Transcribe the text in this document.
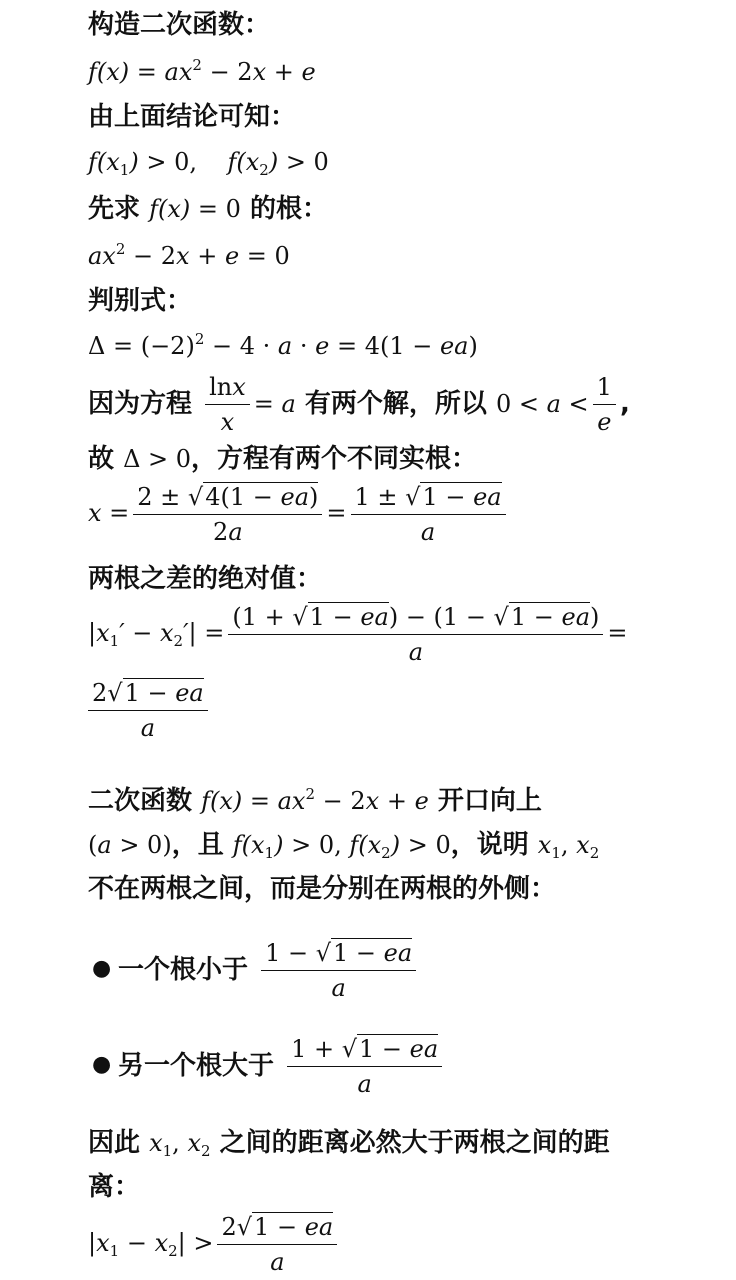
构造二次函数：
$f(x) = ax^2 - 2x + e$
由上面结论可知：
$f(x_1) > 0$,    $f(x_2) > 0$
先求 f(x) = 0 的根：
$ax^2 - 2x + e = 0$
判别式：
$\Delta = (-2)^2 - 4 \cdot a \cdot e = 4(1 - ea)$
因为方程 $\frac{\ln x}{x} = a$ 有两个解，所以 $0 < a < \frac{1}{e}$ ,
故 Δ > 0，方程有两个不同实根：
$x = \frac{2 \pm √4(1 - ea)}{2a} = \frac{1 \pm √1 - ea}{a}$
两根之差的绝对值：
$|x_1' - x_2'| = \frac{(1 + √1 - ea) - (1 - √1 - ea)}{a}$ =
$\frac{2√1 - ea}{a}$
二次函数 $f(x) = ax^2 - 2x + e$ 开口向上
(a > 0)，且 $f(x_1) > 0$, $f(x_2) > 0$，说明 $x_1$, $x_2$
不在两根之间，而是分别在两根的外侧：
● 一个根小于 $\frac{1 - √1 - ea}{a}$
● 另一个根大于 $\frac{1 + √1 - ea}{a}$
因此 $x_1$, $x_2$ 之间的距离必然大于两根之间的距
离：
$|x_1 - x_2| > \frac{2√1 - ea}{a}$
